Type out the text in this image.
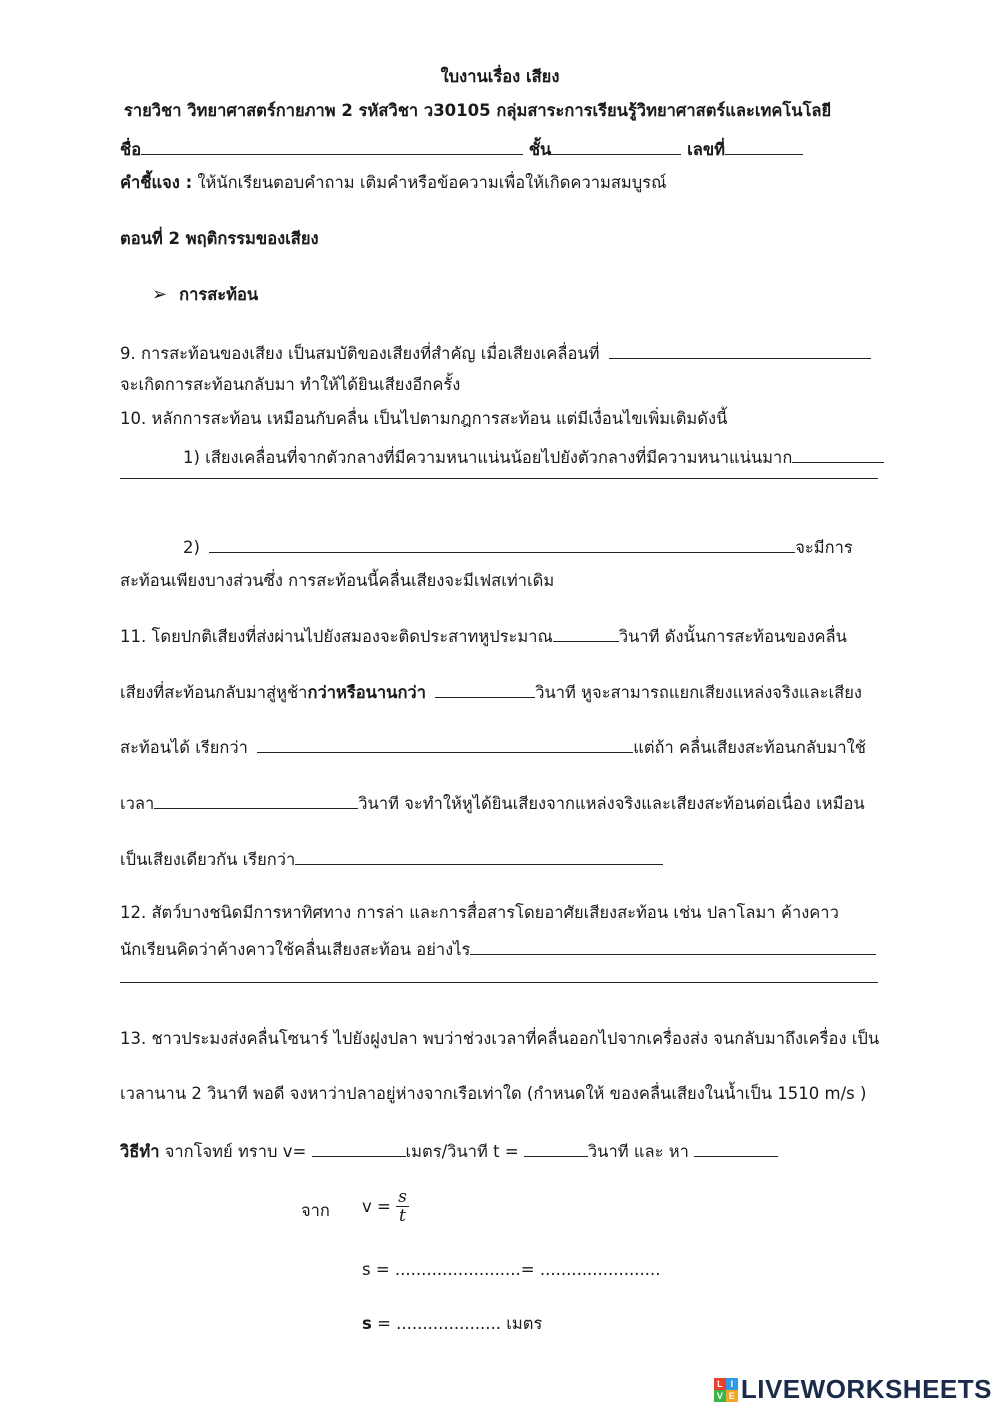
ใบงานเรื่อง เสียง
รายวิชา วิทยาศาสตร์กายภาพ 2 รหัสวิชา ว30105 กลุ่มสาระการเรียนรู้วิทยาศาสตร์และเทคโนโลยี
ชื่อ	ชั้น	เลขที่
คำชี้แจง : ให้นักเรียนตอบคำถาม เติมคำหรือข้อความเพื่อให้เกิดความสมบูรณ์
ตอนที่ 2 พฤติกรรมของเสียง
➢ การสะท้อน
9. การสะท้อนของเสียง เป็นสมบัติของเสียงที่สำคัญ เมื่อเสียงเคลื่อนที่
จะเกิดการสะท้อนกลับมา ทำให้ได้ยินเสียงอีกครั้ง
10. หลักการสะท้อน เหมือนกับคลื่น เป็นไปตามกฎการสะท้อน แต่มีเงื่อนไขเพิ่มเติมดังนี้
1) เสียงเคลื่อนที่จากตัวกลางที่มีความหนาแน่นน้อยไปยังตัวกลางที่มีความหนาแน่นมาก
2)	จะมีการ
สะท้อนเพียงบางส่วนซึ่ง การสะท้อนนี้คลื่นเสียงจะมีเฟสเท่าเดิม
11. โดยปกติเสียงที่ส่งผ่านไปยังสมองจะติดประสาทหูประมาณ	วินาที ดังนั้นการสะท้อนของคลื่น
เสียงที่สะท้อนกลับมาสู่หูช้ากว่าหรือนานกว่า	วินาที หูจะสามารถแยกเสียงแหล่งจริงและเสียง
สะท้อนได้ เรียกว่า	แต่ถ้า คลื่นเสียงสะท้อนกลับมาใช้
เวลา	วินาที จะทำให้หูได้ยินเสียงจากแหล่งจริงและเสียงสะท้อนต่อเนื่อง เหมือน
เป็นเสียงเดียวกัน เรียกว่า
12. สัตว์บางชนิดมีการหาทิศทาง การล่า และการสื่อสารโดยอาศัยเสียงสะท้อน เช่น ปลาโลมา ค้างคาว
นักเรียนคิดว่าค้างคาวใช้คลื่นเสียงสะท้อน อย่างไร
13. ชาวประมงส่งคลื่นโซนาร์ ไปยังฝูงปลา พบว่าช่วงเวลาที่คลื่นออกไปจากเครื่องส่ง จนกลับมาถึงเครื่อง เป็น
เวลานาน 2 วินาที พอดี จงหาว่าปลาอยู่ห่างจากเรือเท่าใด (กำหนดให้ ของคลื่นเสียงในน้ำเป็น 1510 m/s )
วิธีทำ จากโจทย์ ทราบ v=	เมตร/วินาที t =	วินาที และ หา
จาก $v = \frac{s}{t}$
s = ........................= .......................
s = .................... เมตร
L I
V E LIVEWORKSHEETS
